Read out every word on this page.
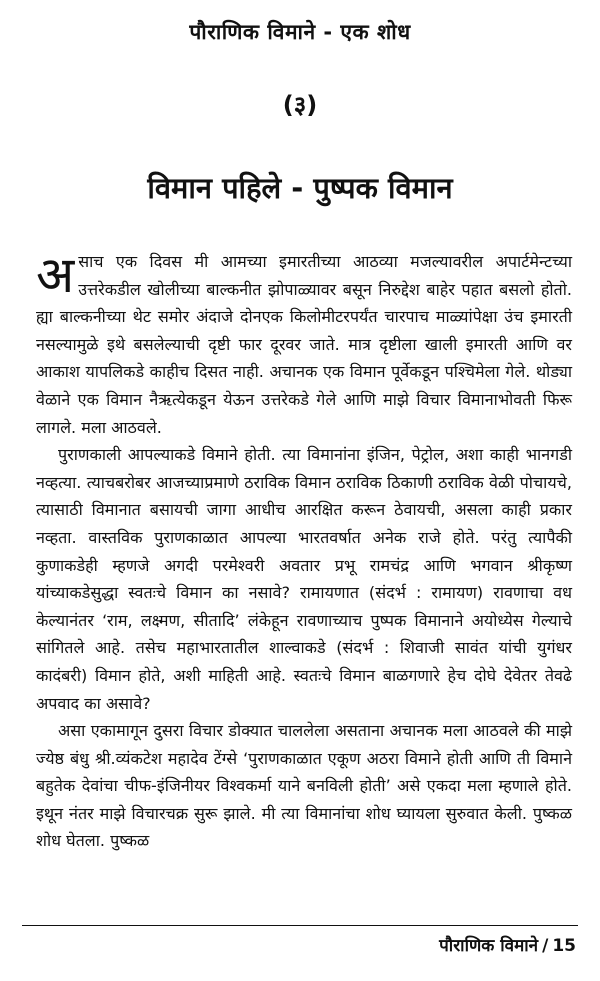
पौराणिक विमाने - एक शोध
(३)
विमान पहिले - पुष्पक विमान

असाच एक दिवस मी आमच्या इमारतीच्या आठव्या मजल्यावरील अपार्टमेन्टच्या उत्तरेकडील खोलीच्या बाल्कनीत झोपाळ्यावर बसून निरुद्देश बाहेर पहात बसलो होतो. ह्या बाल्कनीच्या थेट समोर अंदाजे दोनएक किलोमीटरपर्यंत चारपाच माळ्यांपेक्षा उंच इमारती नसल्यामुळे इथे बसलेल्याची दृष्टी फार दूरवर जाते. मात्र दृष्टीला खाली इमारती आणि वर आकाश यापलिकडे काहीच दिसत नाही. अचानक एक विमान पूर्वेकडून पश्चिमेला गेले. थोड्या वेळाने एक विमान नैऋत्येकडून येऊन उत्तरेकडे गेले आणि माझे विचार विमानाभोवती फिरू लागले. मला आठवले.

पुराणकाली आपल्याकडे विमाने होती. त्या विमानांना इंजिन, पेट्रोल, अशा काही भानगडी नव्हत्या. त्याचबरोबर आजच्याप्रमाणे ठराविक विमान ठराविक ठिकाणी ठराविक वेळी पोचायचे, त्यासाठी विमानात बसायची जागा आधीच आरक्षित करून ठेवायची, असला काही प्रकार नव्हता. वास्तविक पुराणकाळात आपल्या भारतवर्षात अनेक राजे होते. परंतु त्यापैकी कुणाकडेही म्हणजे अगदी परमेश्वरी अवतार प्रभू रामचंद्र आणि भगवान श्रीकृष्ण यांच्याकडेसुद्धा स्वतःचे विमान का नसावे? रामायणात (संदर्भ : रामायण) रावणाचा वध केल्यानंतर ‘राम, लक्ष्मण, सीतादि’ लंकेहून रावणाच्याच पुष्पक विमानाने अयोध्येस गेल्याचे सांगितले आहे. तसेच महाभारतातील शाल्वाकडे (संदर्भ : शिवाजी सावंत यांची युगंधर कादंबरी) विमान होते, अशी माहिती आहे. स्वतःचे विमान बाळगणारे हेच दोघे देवेतर तेवढे अपवाद का असावे?

असा एकामागून दुसरा विचार डोक्यात चाललेला असताना अचानक मला आठवले की माझे ज्येष्ठ बंधु श्री.व्यंकटेश महादेव टेंग्से ‘पुराणकाळात एकूण अठरा विमाने होती आणि ती विमाने बहुतेक देवांचा चीफ-इंजिनीयर विश्वकर्मा याने बनविली होती’ असे एकदा मला म्हणाले होते. इथून नंतर माझे विचारचक्र सुरू झाले. मी त्या विमानांचा शोध घ्यायला सुरुवात केली. पुष्कळ शोध घेतला. पुष्कळ

पौराणिक विमाने / 15
